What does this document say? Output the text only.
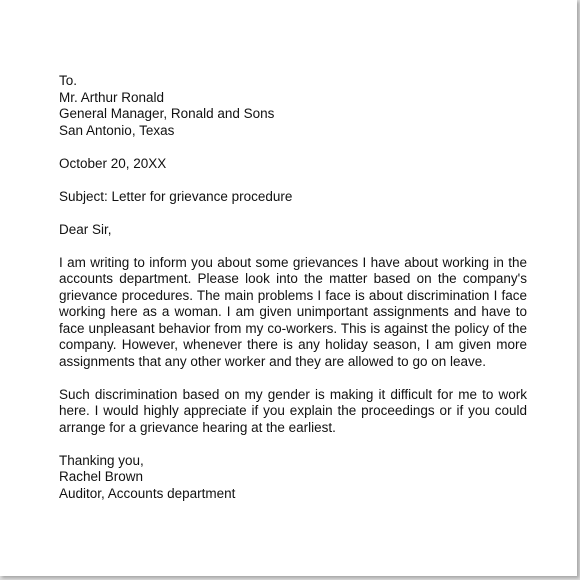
To.

Mr. Arthur Ronald

General Manager, Ronald and Sons

San Antonio, Texas

October 20, 20XX

Subject: Letter for grievance procedure

Dear Sir,

I am writing to inform you about some grievances I have about working in the accounts department. Please look into the matter based on the company's grievance procedures. The main problems I face is about discrimination I face working here as a woman. I am given unimportant assignments and have to face unpleasant behavior from my co-workers. This is against the policy of the company. However, whenever there is any holiday season, I am given more assignments that any other worker and they are allowed to go on leave.

Such discrimination based on my gender is making it difficult for me to work here. I would highly appreciate if you explain the proceedings or if you could arrange for a grievance hearing at the earliest.

Thanking you,

Rachel Brown

Auditor, Accounts department
